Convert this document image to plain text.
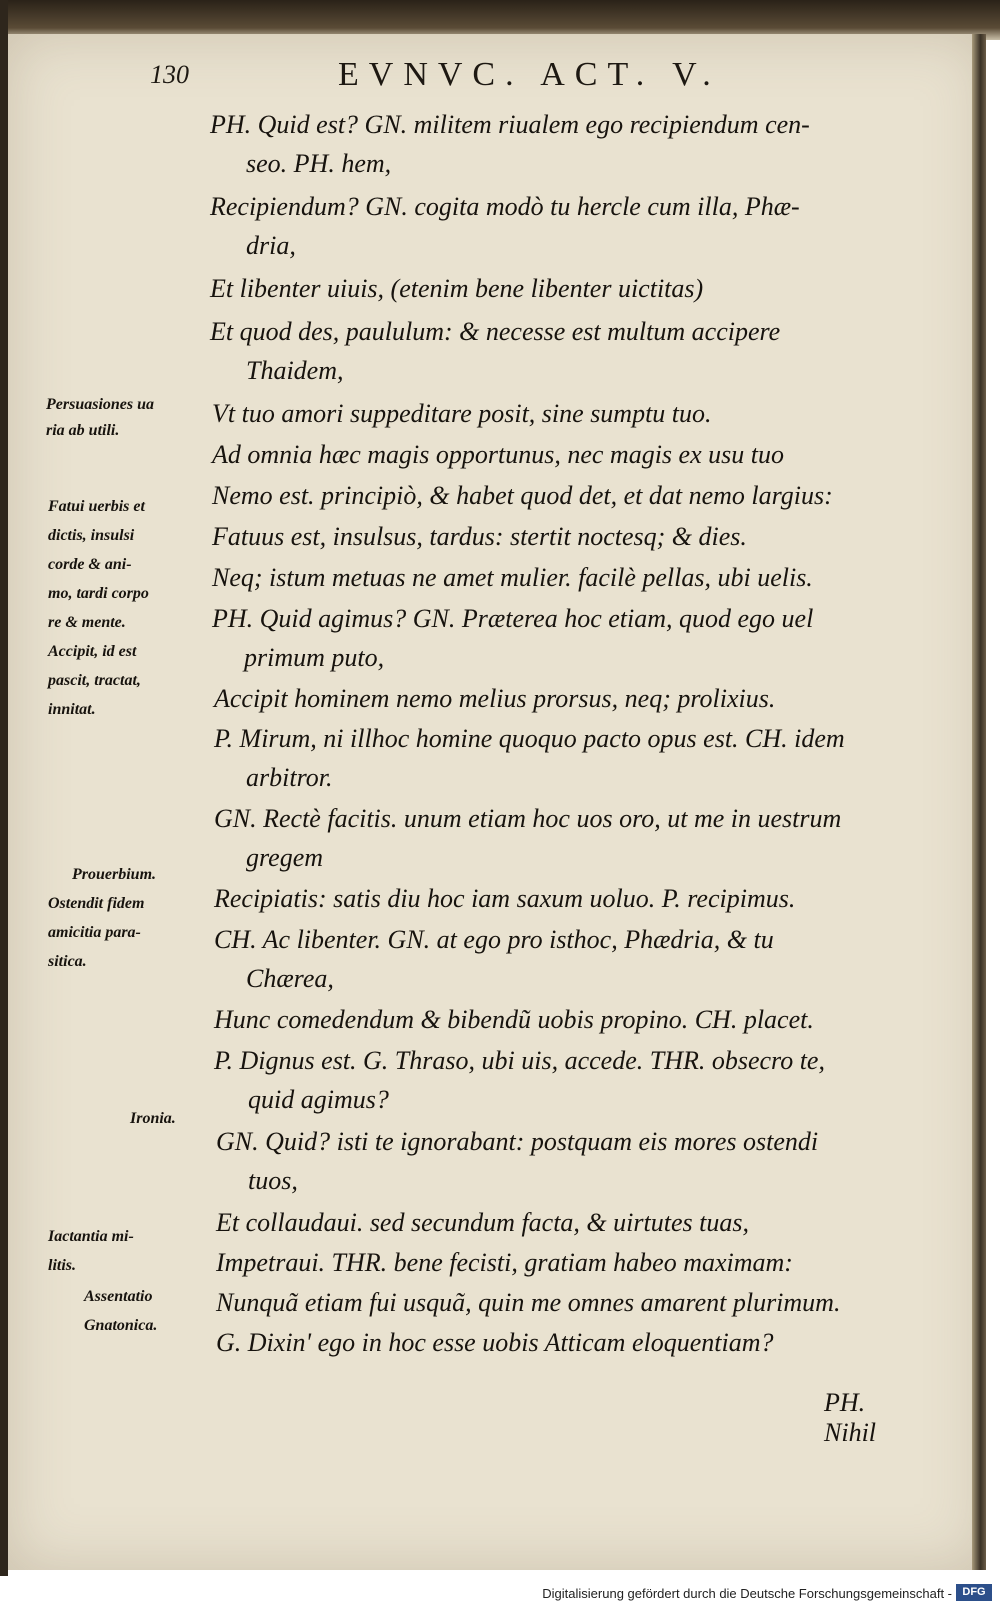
130	EVNVC. ACT. V.
PH. Quid est? GN. militem riualem ego recipiendum cen-
seo. PH. hem,
Recipiendum? GN. cogita modò tu hercle cum illa, Phæ-
dria,
Et libenter uiuis, (etenim bene libenter uictitas)
Et quod des, paululum: & necesse est multum accipere
Thaidem,
Vt tuo amori suppeditare posit, sine sumptu tuo.
Ad omnia hæc magis opportunus, nec magis ex usu tuo
Nemo est. principiò, & habet quod det, et dat nemo largius:
Fatuus est, insulsus, tardus: stertit noctesq; & dies.
Neq; istum metuas ne amet mulier. facilè pellas, ubi uelis.
PH. Quid agimus? GN. Præterea hoc etiam, quod ego uel
primum puto,
Accipit hominem nemo melius prorsus, neq; prolixius.
P. Mirum, ni illhoc homine quoquo pacto opus est. CH. idem
arbitror.
GN. Rectè facitis. unum etiam hoc uos oro, ut me in uestrum
gregem
Recipiatis: satis diu hoc iam saxum uoluo. P. recipimus.
CH. Ac libenter. GN. at ego pro isthoc, Phædria, & tu
Chærea,
Hunc comedendum & bibendũ uobis propino. CH. placet.
P. Dignus est. G. Thraso, ubi uis, accede. THR. obsecro te,
quid agimus?
GN. Quid? isti te ignorabant: postquam eis mores ostendi
tuos,
Et collaudaui. sed secundum facta, & uirtutes tuas,
Impetraui. THR. bene fecisti, gratiam habeo maximam:
Nunquã etiam fui usquã, quin me omnes amarent plurimum.
G. Dixin' ego in hoc esse uobis Atticam eloquentiam?
PH. Nihil
Persuasiones ua
ria ab utili.
Fatui uerbis et
dictis, insulsi
corde & ani-
mo, tardi corpo
re & mente.
Accipit, id est
pascit, tractat,
innitat.
Prouerbium.
Ostendit fidem
amicitia para-
sitica.
Ironia.
Iactantia mi-
litis.
Assentatio
Gnatonica.
Digitalisierung gefördert durch die Deutsche Forschungsgemeinschaft - DFG
